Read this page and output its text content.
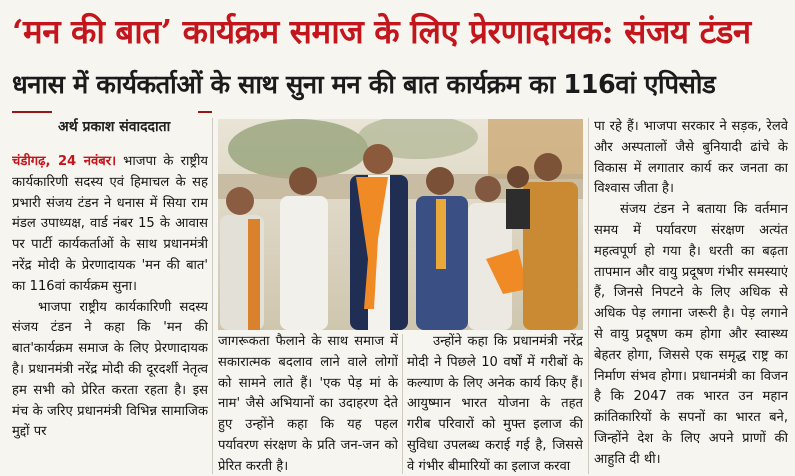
‘मन की बात’ कार्यक्रम समाज के लिए प्रेरणादायक: संजय टंडन
धनास में कार्यकर्ताओं के साथ सुना मन की बात कार्यक्रम का 116वां एपिसोड
अर्थ प्रकाश संवाददाता

चंडीगढ़, 24 नवंबर। भाजपा के राष्ट्रीय कार्यकारिणी सदस्य एवं हिमाचल के सह प्रभारी संजय टंडन ने धनास में सिया राम मंडल उपाध्यक्ष, वार्ड नंबर 15 के आवास पर पार्टी कार्यकर्ताओं के साथ प्रधानमंत्री नरेंद्र मोदी के प्रेरणादायक 'मन की बात' का 116वां कार्यक्रम सुना।

भाजपा राष्ट्रीय कार्यकारिणी सदस्य संजय टंडन ने कहा कि 'मन की बात'कार्यक्रम समाज के लिए प्रेरणादायक है। प्रधानमंत्री नरेंद्र मोदी की दूरदर्शी नेतृत्व हम सभी को प्रेरित करता रहता है। इस मंच के जरिए प्रधानमंत्री विभिन्न सामाजिक मुद्दों पर

जागरूकता फैलाने के साथ समाज में सकारात्मक बदलाव लाने वाले लोगों को सामने लाते हैं। 'एक पेड़ मां के नाम' जैसे अभियानों का उदाहरण देते हुए उन्होंने कहा कि यह पहल पर्यावरण संरक्षण के प्रति जन-जन को प्रेरित करती है।

उन्होंने कहा कि प्रधानमंत्री नरेंद्र मोदी ने पिछले 10 वर्षों में गरीबों के कल्याण के लिए अनेक कार्य किए हैं। आयुष्मान भारत योजना के तहत गरीब परिवारों को मुफ्त इलाज की सुविधा उपलब्ध कराई गई है, जिससे वे गंभीर बीमारियों का इलाज करवा

पा रहे हैं। भाजपा सरकार ने सड़क, रेलवे और अस्पतालों जैसे बुनियादी ढांचे के विकास में लगातार कार्य कर जनता का विश्वास जीता है।

संजय टंडन ने बताया कि वर्तमान समय में पर्यावरण संरक्षण अत्यंत महत्वपूर्ण हो गया है। धरती का बढ़ता तापमान और वायु प्रदूषण गंभीर समस्याएं हैं, जिनसे निपटने के लिए अधिक से अधिक पेड़ लगाना जरूरी है। पेड़ लगाने से वायु प्रदूषण कम होगा और स्वास्थ्य बेहतर होगा, जिससे एक समृद्ध राष्ट्र का निर्माण संभव होगा। प्रधानमंत्री का विजन है कि 2047 तक भारत उन महान क्रांतिकारियों के सपनों का भारत बने, जिन्होंने देश के लिए अपने प्राणों की आहुति दी थी।
